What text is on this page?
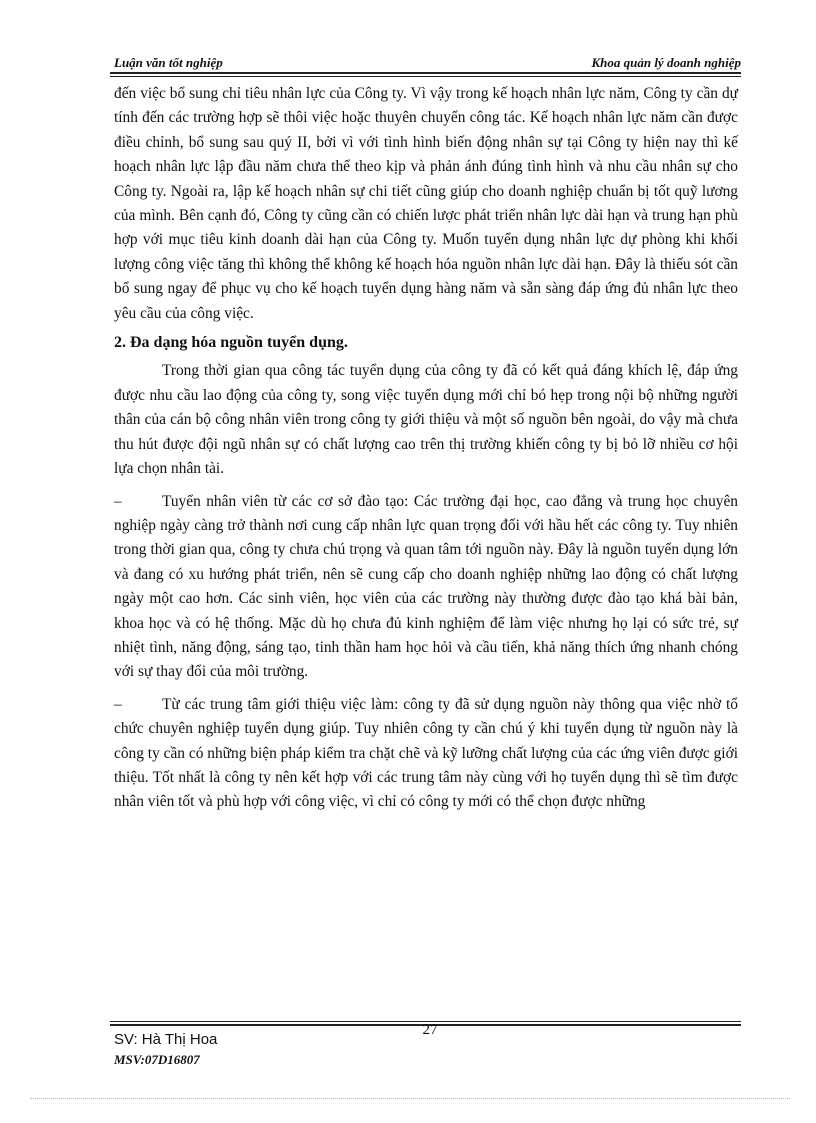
Luận văn tốt nghiệp	Khoa quản lý doanh nghiệp

đến việc bổ sung chỉ tiêu nhân lực của Công ty. Vì vậy trong kế hoạch nhân lực năm, Công ty cần dự tính đến các trường hợp sẽ thôi việc hoặc thuyên chuyển công tác. Kế hoạch nhân lực năm cần được điều chỉnh, bổ sung sau quý II, bởi vì với tình hình biến động nhân sự tại Công ty hiện nay thì kế hoạch nhân lực lập đầu năm chưa thể theo kịp và phản ánh đúng tình hình và nhu cầu nhân sự cho Công ty. Ngoài ra, lập kế hoạch nhân sự chi tiết cũng giúp cho doanh nghiệp chuẩn bị tốt quỹ lương của mình. Bên cạnh đó, Công ty cũng cần có chiến lược phát triển nhân lực dài hạn và trung hạn phù hợp với mục tiêu kinh doanh dài hạn của Công ty. Muốn tuyển dụng nhân lực dự phòng khi khối lượng công việc tăng thì không thể không kế hoạch hóa nguồn nhân lực dài hạn. Đây là thiếu sót cần bổ sung ngay để phục vụ cho kế hoạch tuyển dụng hàng năm và sẵn sàng đáp ứng đủ nhân lực theo yêu cầu của công việc.

2. Đa dạng hóa nguồn tuyển dụng.

Trong thời gian qua công tác tuyển dụng của công ty đã có kết quả đáng khích lệ, đáp ứng được nhu cầu lao động của công ty, song việc tuyển dụng mới chỉ bó hẹp trong nội bộ những người thân của cán bộ công nhân viên trong công ty giới thiệu và một số nguồn bên ngoài, do vậy mà chưa thu hút được đội ngũ nhân sự có chất lượng cao trên thị trường khiến công ty bị bỏ lỡ nhiều cơ hội lựa chọn nhân tài.

–	Tuyển nhân viên từ các cơ sở đào tạo: Các trường đại học, cao đẳng và trung học chuyên nghiệp ngày càng trở thành nơi cung cấp nhân lực quan trọng đối với hầu hết các công ty. Tuy nhiên trong thời gian qua, công ty chưa chú trọng và quan tâm tới nguồn này. Đây là nguồn tuyển dụng lớn và đang có xu hướng phát triển, nên sẽ cung cấp cho doanh nghiệp những lao động có chất lượng ngày một cao hơn. Các sinh viên, học viên của các trường này thường được đào tạo khá bài bản, khoa học và có hệ thống. Mặc dù họ chưa đủ kinh nghiệm để làm việc nhưng họ lại có sức trẻ, sự nhiệt tình, năng động, sáng tạo, tinh thần ham học hỏi và cầu tiến, khả năng thích ứng nhanh chóng với sự thay đổi của môi trường.

–	Từ các trung tâm giới thiệu việc làm: công ty đã sử dụng nguồn này thông qua việc nhờ tổ chức chuyên nghiệp tuyển dụng giúp. Tuy nhiên công ty cần chú ý khi tuyển dụng từ nguồn này là công ty cần có những biện pháp kiểm tra chặt chẽ và kỹ lưỡng chất lượng của các ứng viên được giới thiệu. Tốt nhất là công ty nên kết hợp với các trung tâm này cùng với họ tuyển dụng thì sẽ tìm được nhân viên tốt và phù hợp với công việc, vì chỉ có công ty mới có thể chọn được những

27
SV: Hà Thị Hoa
MSV:07D16807
